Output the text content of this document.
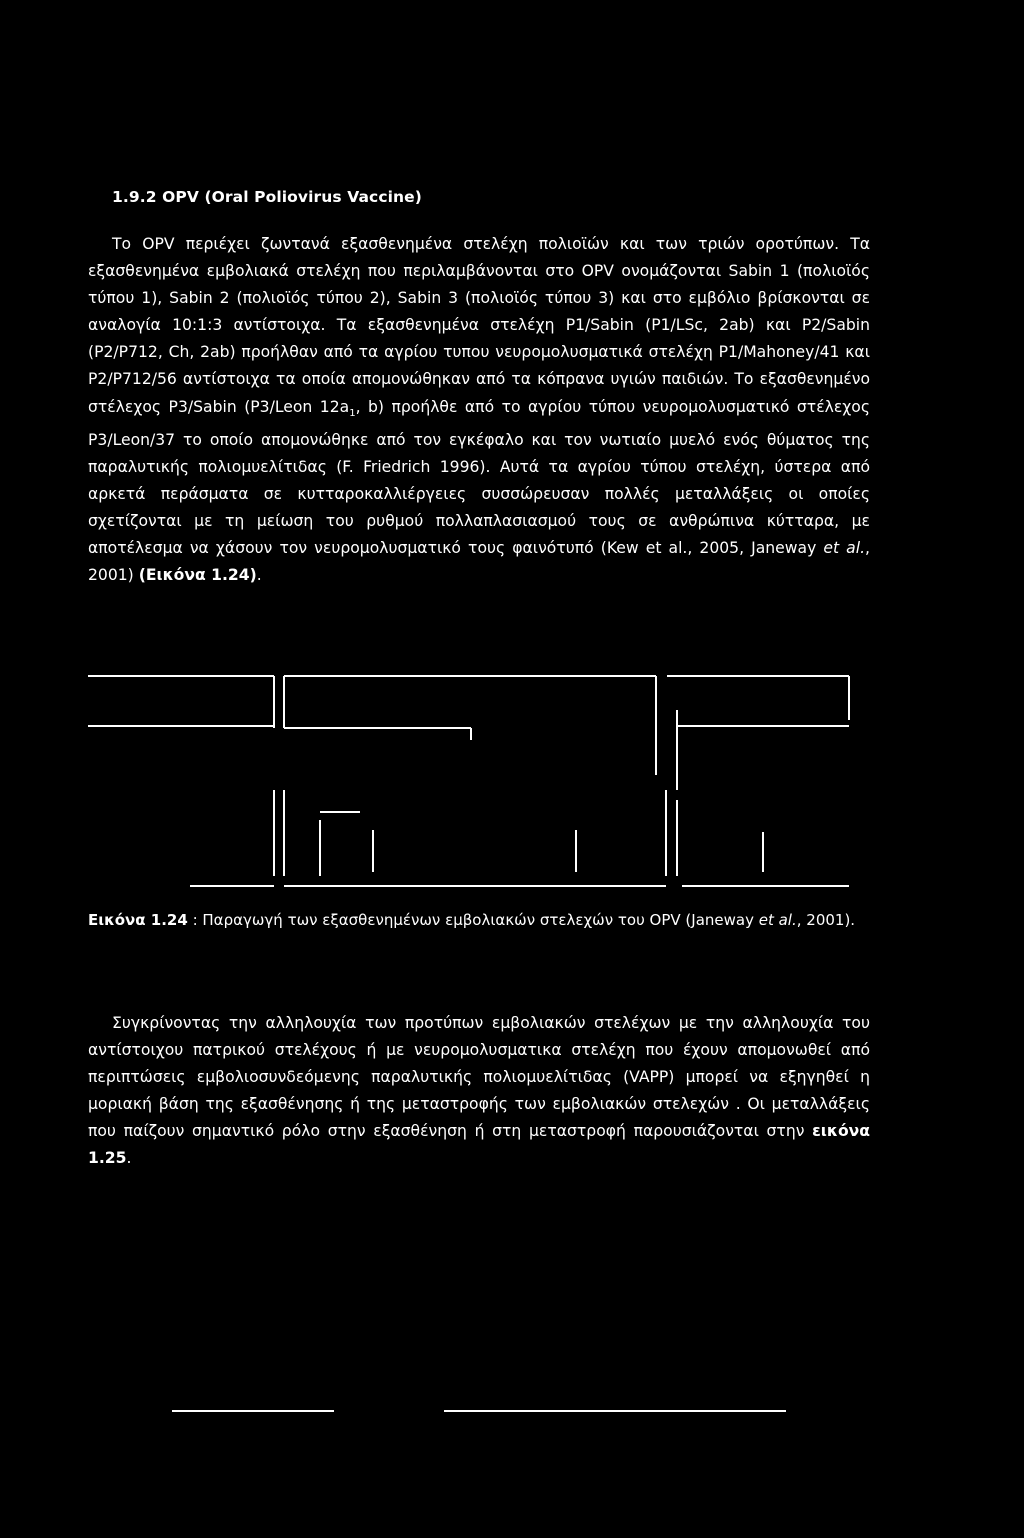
1.9.2 OPV (Oral Poliovirus Vaccine)

Το OPV περιέχει ζωντανά εξασθενημένα στελέχη πολιοϊών και των τριών οροτύπων. Τα εξασθενημένα εμβολιακά στελέχη που περιλαμβάνονται στο OPV ονομάζονται Sabin 1 (πολιοϊός τύπου 1), Sabin 2 (πολιοϊός τύπου 2), Sabin 3 (πολιοϊός τύπου 3) και στο εμβόλιο βρίσκονται σε αναλογία 10:1:3 αντίστοιχα. Τα εξασθενημένα στελέχη P1/Sabin (P1/LSc, 2ab) και P2/Sabin (P2/P712, Ch, 2ab) προήλθαν από τα αγρίου τυπου νευρομολυσματικά στελέχη P1/Mahoney/41 και P2/P712/56 αντίστοιχα τα οποία απομονώθηκαν από τα κόπρανα υγιών παιδιών. Το εξασθενημένο στέλεχος P3/Sabin (P3/Leon $12a_1$, b) προήλθε από το αγρίου τύπου νευρομολυσματικό στέλεχος P3/Leon/37 το οποίο απομονώθηκε από τον εγκέφαλο και τον νωτιαίο μυελό ενός θύματος της παραλυτικής πολιομυελίτιδας (F. Friedrich 1996). Αυτά τα αγρίου τύπου στελέχη, ύστερα από αρκετά περάσματα σε κυτταροκαλλιέργειες συσσώρευσαν πολλές μεταλλάξεις οι οποίες σχετίζονται με τη μείωση του ρυθμού πολλαπλασιασμού τους σε ανθρώπινα κύτταρα, με αποτέλεσμα να χάσουν τον νευρομολυσματικό τους φαινότυπό (Kew et al., 2005, Janeway et al., 2001) (Εικόνα 1.24).

Εικόνα 1.24 : Παραγωγή των εξασθενημένων εμβολιακών στελεχών του OPV (Janeway et al., 2001).

Συγκρίνοντας την αλληλουχία των προτύπων εμβολιακών στελέχων με την αλληλουχία του αντίστοιχου πατρικού στελέχους ή με νευρομολυσματικα στελέχη που έχουν απομονωθεί από περιπτώσεις εμβολιοσυνδεόμενης παραλυτικής πολιομυελίτιδας (VAPP) μπορεί να εξηγηθεί η μοριακή βάση της εξασθένησης ή της μεταστροφής των εμβολιακών στελεχών . Οι μεταλλάξεις που παίζουν σημαντικό ρόλο στην εξασθένηση ή στη μεταστροφή παρουσιάζονται στην εικόνα 1.25.
